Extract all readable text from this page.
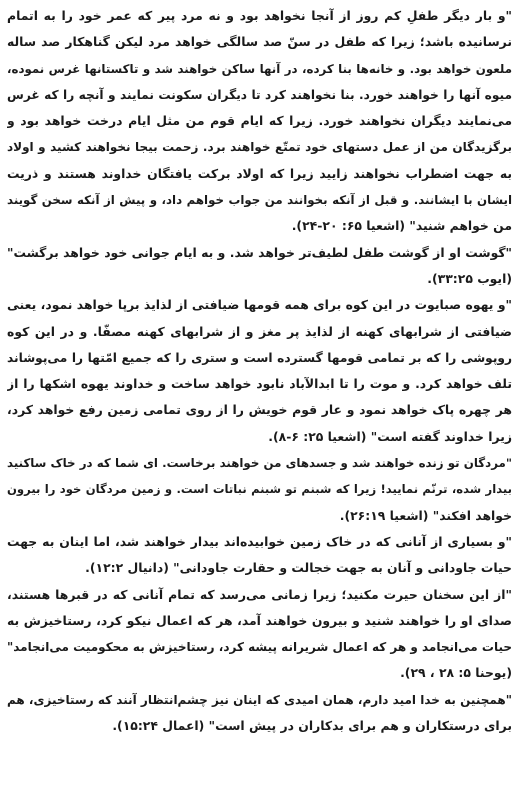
"و بار دیگر طفلِ کم روز از آنجا نخواهد بود و نه مرد پیر که عمر خود را به اتمام
نرسانیده باشد؛ زیرا که طفل در سنّ صد سالگی خواهد مرد لیکن گناهکار صد ساله
ملعون خواهد بود. و خانه‌ها بنا کرده، در آنها ساکن خواهند شد و تاکستانها غرس نموده،
میوه آنها را خواهند خورد. بنا نخواهند کرد تا دیگران سکونت نمایند و آنچه را که غرس
می‌نمایند دیگران نخواهند خورد. زیرا که ایام قوم من مثل ایام درخت خواهد بود و
برگزیدگان من از عمل دستهای خود تمتّع خواهند برد. زحمت بیجا نخواهند کشید و اولاد
به جهت اضطراب نخواهند زایید زیرا که اولاد برکت یافتگان خداوند هستند و ذریت
ایشان با ایشانند. و قبل از آنکه بخوانند من جواب خواهم داد، و پیش از آنکه سخن گویند
من خواهم شنید" (اشعیا ۶۵: ۲۰-۲۴).
"گوشت او از گوشت طفل لطیف‌تر خواهد شد. و به ایام جوانی خود خواهد برگشت"
(ایوب ۳۳:۲۵).
"و یهوه صبایوت در این کوه برای همه قومها ضیافتی از لذایذ برپا خواهد نمود، یعنی
ضیافتی از شرابهای کهنه از لذایذ پر مغز و از شرابهای کهنه مصفّا. و در این کوه
روپوشی را که بر تمامی قومها گسترده است و ستری را که جمیع امّتها را می‌پوشاند
تلف خواهد کرد. و موت را تا ابدالآباد نابود خواهد ساخت و خداوند یهوه اشکها را از
هر چهره پاک خواهد نمود و عار قوم خویش را از روی تمامی زمین رفع خواهد کرد،
زیرا خداوند گفته است" (اشعیا ۲۵: ۶-۸).
"مردگان تو زنده خواهند شد و جسدهای من خواهند برخاست. ای شما که در خاک ساکنید
بیدار شده، ترنّم نمایید! زیرا که شبنم تو شبنم نباتات است. و زمین مردگان خود را بیرون
خواهد افکند" (اشعیا ۲۶:۱۹).
"و بسیاری از آنانی که در خاک زمین خوابیده‌اند بیدار خواهند شد، اما اینان به جهت
حیات جاودانی و آنان به جهت خجالت و حقارت جاودانی" (دانیال ۱۲:۲).
"از این سخنان حیرت مکنید؛ زیرا زمانی می‌رسد که تمام آنانی که در قبرها هستند،
صدای او را خواهند شنید و بیرون خواهند آمد، هر که اعمال نیکو کرد، رستاخیزش به
حیات می‌انجامد و هر که اعمال شریرانه پیشه کرد، رستاخیزش به محکومیت می‌انجامد"
(یوحنا ۵: ۲۸ ، ۲۹).
"همچنین به خدا امید دارم، همان امیدی که اینان نیز چشم‌انتظار آنند که رستاخیزی، هم
برای درستکاران و هم برای بدکاران در پیش است" (اعمال ۱۵:۲۴).
